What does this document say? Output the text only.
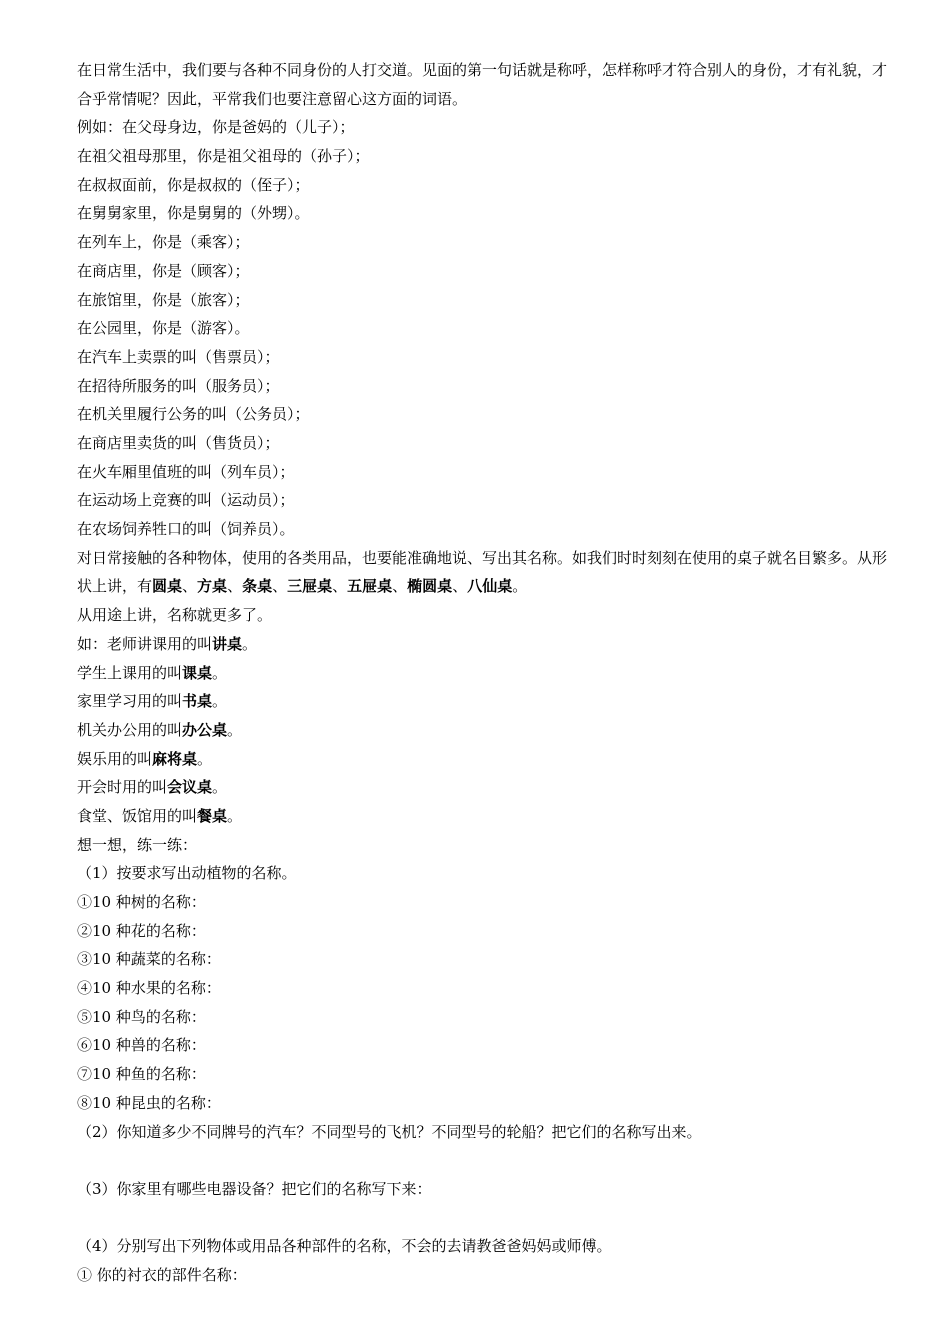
在日常生活中，我们要与各种不同身份的人打交道。见面的第一句话就是称呼，怎样称呼才符合别人的身份，才有礼貌，才合乎常情呢？因此，平常我们也要注意留心这方面的词语。
例如：在父母身边，你是爸妈的（儿子）；
在祖父祖母那里，你是祖父祖母的（孙子）；
在叔叔面前，你是叔叔的（侄子）；
在舅舅家里，你是舅舅的（外甥）。
在列车上，你是（乘客）；
在商店里，你是（顾客）；
在旅馆里，你是（旅客）；
在公园里，你是（游客）。
在汽车上卖票的叫（售票员）；
在招待所服务的叫（服务员）；
在机关里履行公务的叫（公务员）；
在商店里卖货的叫（售货员）；
在火车厢里值班的叫（列车员）；
在运动场上竞赛的叫（运动员）；
在农场饲养牲口的叫（饲养员）。
对日常接触的各种物体，使用的各类用品，也要能准确地说、写出其名称。如我们时时刻刻在使用的桌子就名目繁多。从形状上讲，有圆桌、方桌、条桌、三屉桌、五屉桌、椭圆桌、八仙桌。
从用途上讲，名称就更多了。
如：老师讲课用的叫讲桌。
学生上课用的叫课桌。
家里学习用的叫书桌。
机关办公用的叫办公桌。
娱乐用的叫麻将桌。
开会时用的叫会议桌。
食堂、饭馆用的叫餐桌。
想一想，练一练：
（1）按要求写出动植物的名称。
①10 种树的名称：
②10 种花的名称：
③10 种蔬菜的名称：
④10 种水果的名称：
⑤10 种鸟的名称：
⑥10 种兽的名称：
⑦10 种鱼的名称：
⑧10 种昆虫的名称：
（2）你知道多少不同牌号的汽车？不同型号的飞机？不同型号的轮船？把它们的名称写出来。
（3）你家里有哪些电器设备？把它们的名称写下来：
（4）分别写出下列物体或用品各种部件的名称，不会的去请教爸爸妈妈或师傅。
① 你的衬衣的部件名称：
